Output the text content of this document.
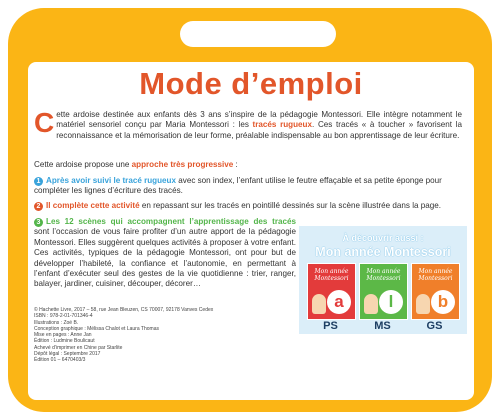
Mode d’emploi
Cette ardoise destinée aux enfants dès 3 ans s’inspire de la pédagogie Montessori. Elle intègre notamment le matériel sensoriel conçu par Maria Montessori : les tracés rugueux. Ces tracés « à toucher » favorisent la reconnaissance et la mémorisation de leur forme, préalable indispensable au bon apprentissage de leur écriture.
Cette ardoise propose une approche très progressive :
1 Après avoir suivi le tracé rugueux avec son index, l’enfant utilise le feutre effaçable et sa petite éponge pour compléter les lignes d’écriture des tracés.
2 Il complète cette activité en repassant sur les tracés en pointillé dessinés sur la scène illustrée dans la page.
3 Les 12 scènes qui accompagnent l’apprentissage des tracés sont l’occasion de vous faire profiter d’un autre apport de la pédagogie Montessori. Elles suggèrent quelques activités à proposer à votre enfant. Ces activités, typiques de la pédagogie Montessori, ont pour but de développer l’habileté, la confiance et l’autonomie, en permettant à l’enfant d’exécuter seul des gestes de la vie quotidienne : trier, ranger, balayer, jardiner, cuisiner, découper, décorer…
© Hachette Livre, 2017 – 58, rue Jean Bleuzen, CS 70007, 92178 Vanves Cedex
ISBN : 978-2-01-701346-4
Illustrations : Zoé B.
Conception graphique : Mélissa Chalot et Laura Thomas
Mise en pages : Anne Jan
Édition : Ludmine Boulicaut
Achevé d’imprimer en Chine par Starlite
Dépôt légal : Septembre 2017
Édition 01 – 6470403/3
À découvrir aussi :
Mon année Montessori
Mon année Montessori
a
PS
Mon année Montessori
l
MS
Mon année Montessori
b
GS
